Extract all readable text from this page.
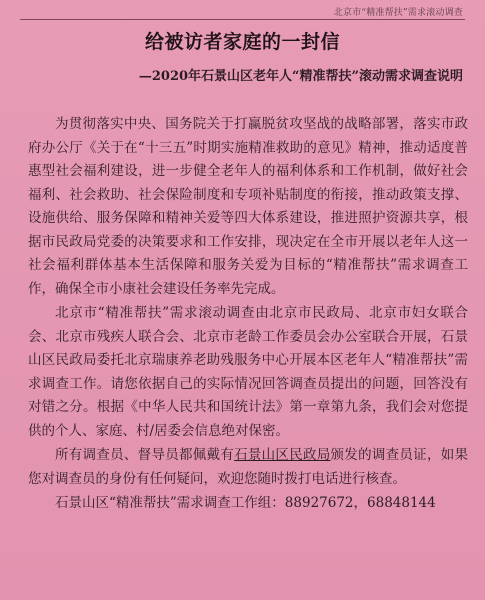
北京市“精准帮扶”需求滚动调查
给被访者家庭的一封信
—2020年石景山区老年人“精准帮扶”滚动需求调查说明

为贯彻落实中央、国务院关于打赢脱贫攻坚战的战略部署，落实市政府办公厅《关于在“十三五”时期实施精准救助的意见》精神，推动适度普惠型社会福利建设，进一步健全老年人的福利体系和工作机制，做好社会福利、社会救助、社会保险制度和专项补贴制度的衔接，推动政策支撑、设施供给、服务保障和精神关爱等四大体系建设，推进照护资源共享，根据市民政局党委的决策要求和工作安排，现决定在全市开展以老年人这一社会福利群体基本生活保障和服务关爱为目标的“精准帮扶”需求调查工作，确保全市小康社会建设任务率先完成。

北京市“精准帮扶”需求滚动调查由北京市民政局、北京市妇女联合会、北京市残疾人联合会、北京市老龄工作委员会办公室联合开展，石景山区民政局委托北京瑞康养老助残服务中心开展本区老年人“精准帮扶”需求调查工作。请您依据自己的实际情况回答调查员提出的问题，回答没有对错之分。根据《中华人民共和国统计法》第一章第九条，我们会对您提供的个人、家庭、村/居委会信息绝对保密。

所有调查员、督导员都佩戴有石景山区民政局颁发的调查员证，如果您对调查员的身份有任何疑问，欢迎您随时拨打电话进行核查。

石景山区“精准帮扶”需求调查工作组：88927672，68848144
